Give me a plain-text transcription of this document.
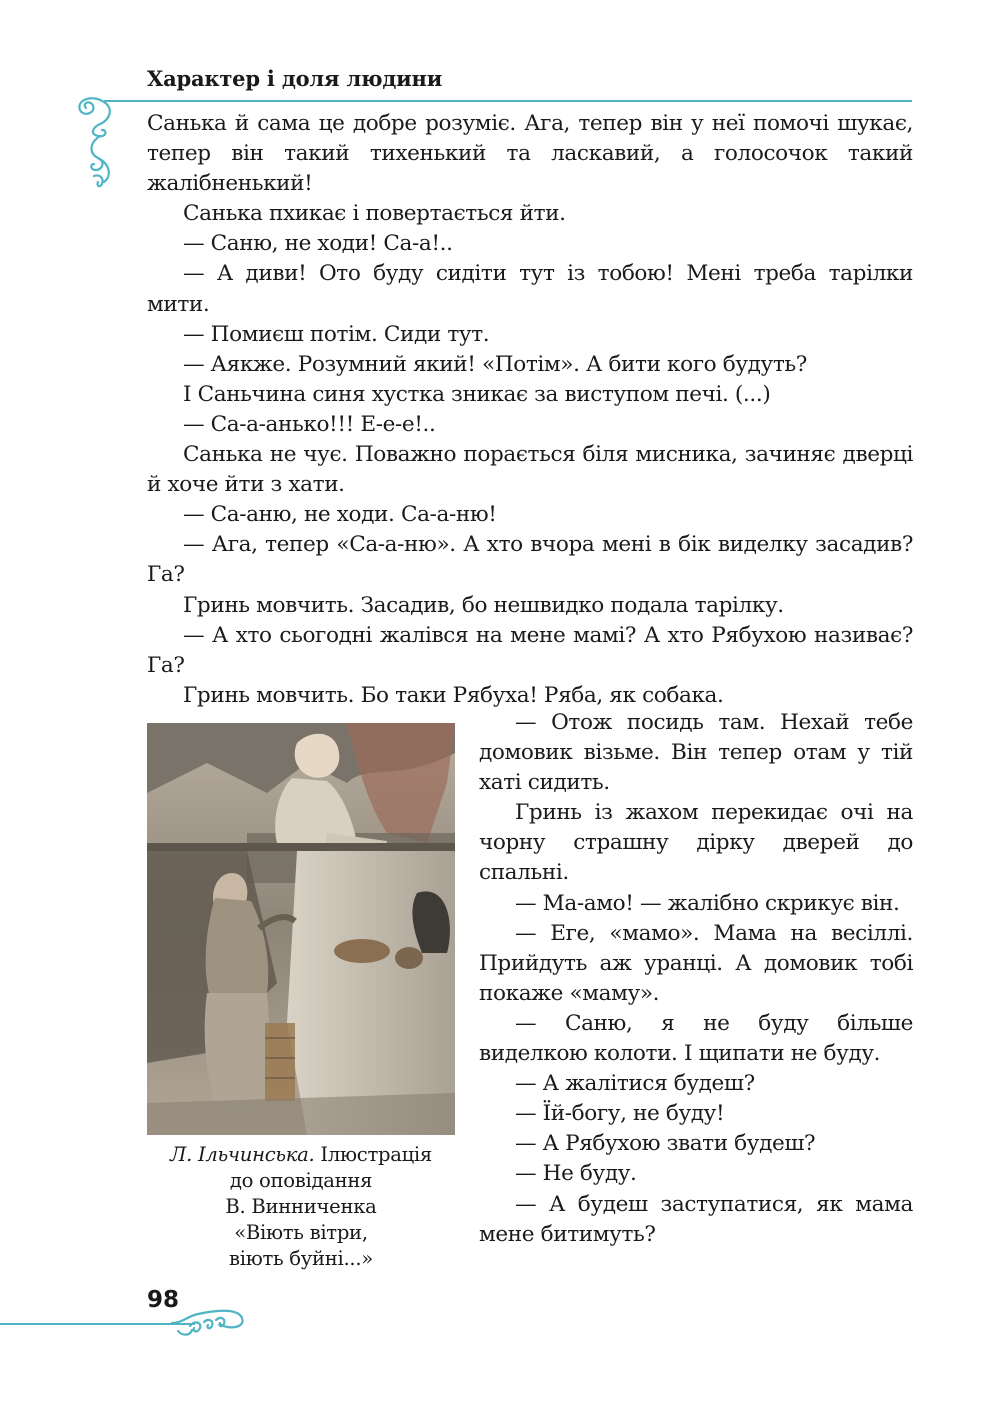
Характер і доля людини

Санька й сама це добре розуміє. Ага, тепер він у неї помочі шукає, тепер він такий тихенький та ласкавий, а голосочок такий жалібненький!

Санька пхикає і повертається йти.

— Саню, не ходи! Са-а!..

— А диви! Ото буду сидіти тут із тобою! Мені треба тарілки мити.

— Помиєш потім. Сиди тут.

— Аякже. Розумний який! «Потім». А бити кого будуть?

І Саньчина синя хустка зникає за виступом печі. (...)

— Са-а-анько!!! Е-е-е!..

Санька не чує. Поважно порається біля мисника, зачиняє дверці й хоче йти з хати.

— Са-аню, не ходи. Са-а-ню!

— Ага, тепер «Са-а-ню». А хто вчора мені в бік виделку засадив? Га?

Гринь мовчить. Засадив, бо нешвидко подала тарілку.

— А хто сьогодні жалівся на мене мамі? А хто Рябухою називає? Га?

Гринь мовчить. Бо таки Рябуха! Ряба, як собака.

Л. Ільчинська. Ілюстрація
до оповідання
В. Винниченка
«Віють вітри,
віють буйні...»

— Отож посидь там. Нехай тебе домовик візьме. Він тепер отам у тій хаті сидить.

Гринь із жахом перекидає очі на чорну страшну дірку дверей до спальні.

— Ма-амо! — жалібно скрикує він.

— Еге, «мамо». Мама на весіллі. Прийдуть аж уранці. А домовик тобі покаже «маму».

— Саню, я не буду більше виделкою колоти. І щипати не буду.

— А жалітися будеш?

— Їй-богу, не буду!

— А Рябухою звати будеш?

— Не буду.

— А будеш заступатися, як мама мене битимуть?

98
